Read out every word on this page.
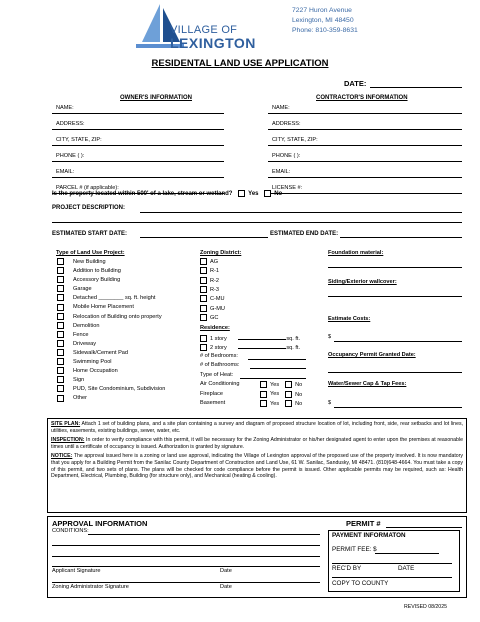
VILLAGE OF
LEXINGTON
7227 Huron Avenue
Lexington, MI 48450
Phone: 810-359-8631
RESIDENTAL LAND USE APPLICATION
DATE:
OWNER'S INFORMATION	CONTRACTOR'S INFORMATION
NAME:
ADDRESS:
CITY, STATE, ZIP:
PHONE ( ):
EMAIL:
PARCEL # (if applicable):
NAME:
ADDRESS:
CITY, STATE, ZIP:
PHONE ( ):
EMAIL:
LICENSE #:
Is the property located within 500' of a lake, stream or wetland?	Yes	No
PROJECT DESCRIPTION:
ESTIMATED START DATE:	ESTIMATED END DATE:
Type of Land Use Project:
New Building
Addition to Building
Accessory Building
Garage
Detached ________ sq. ft. height
Mobile Home Placement
Relocation of Building onto property
Demolition
Fence
Driveway
Sidewalk/Cement Pad
Swimming Pool
Home Occupation
Sign
PUD, Site Condominium, Subdivision
Other
Zoning District:
AG
R-1
R-2
R-3
C-MU
G-MU
GC
Residence:
1 story	sq. ft.
2 story	sq. ft.
# of Bedrooms:
# of Bathrooms:
Type of Heat:
Air Conditioning	Yes	No
Fireplace	Yes	No
Basement	Yes	No
Foundation material:
Siding/Exterior wallcover:
Estimate Costs:
$
Occupancy Permit Granted Date:
Water/Sewer Cap & Tap Fees:
$

SITE PLAN: Attach 1 set of building plans, and a site plan containing a survey and diagram of proposed structure location of lot, including front, side, rear setbacks and lot lines, utilities, easements, existing buildings, sewer, water, etc.

INSPECTION: In order to verify compliance with this permit, it will be necessary for the Zoning Administrator or his/her designated agent to enter upon the premises at reasonable times until a certificate of occupancy is issued. Authorization is granted by signature.

NOTICE: The approval issued here is a zoning or land use approval, indicating the Village of Lexington approval of the proposed use of the property involved. It is now mandatory that you apply for a Building Permit from the Sanilac County Department of Construction and Land Use, 61 W. Sanilac, Sandusky, MI 48471. (810)648-4664. You must take a copy of this permit, and two sets of plans. The plans will be checked for code compliance before the permit is issued. Other applicable permits may be required, such as: Health Department, Electrical, Plumbing, Building (for structure only), and Mechanical (heating & cooling).

APPROVAL INFORMATION	PERMIT #
CONDITIONS:
Applicant Signature	Date
Zoning Administrator Signature	Date
PAYMENT INFORMATON
PERMIT FEE: $
REC'D BY	DATE
COPY TO COUNTY
REVISED 08/2025
